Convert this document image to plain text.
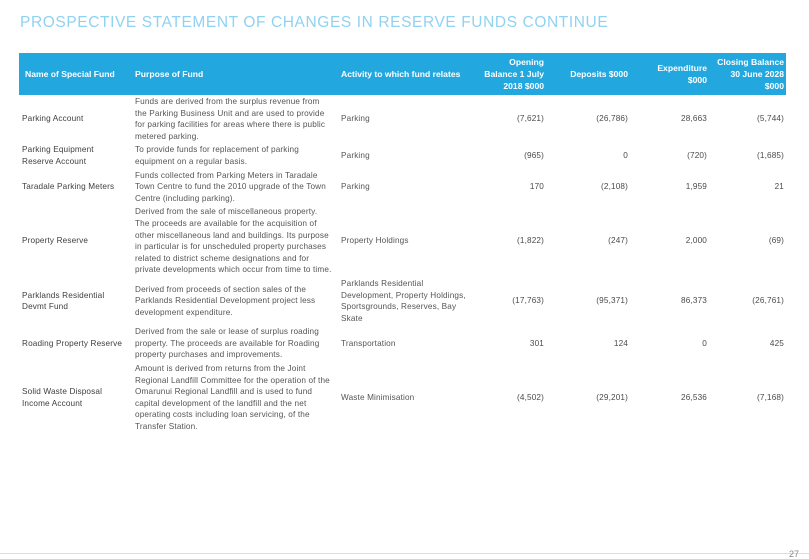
PROSPECTIVE STATEMENT OF CHANGES IN RESERVE FUNDS CONTINUE
Name of Special Fund	Purpose of Fund	Activity to which fund relates	Opening Balance 1 July 2018 $000	Deposits $000	Expenditure $000	Closing Balance 30 June 2028 $000
Parking Account	Funds are derived from the surplus revenue from the Parking Business Unit and are used to provide for parking facilities for areas where there is public metered parking.	Parking	(7,621)	(26,786)	28,663	(5,744)
Parking Equipment Reserve Account	To provide funds for replacement of parking equipment on a regular basis.	Parking	(965)	0	(720)	(1,685)
Taradale Parking Meters	Funds collected from Parking Meters in Taradale Town Centre to fund the 2010 upgrade of the Town Centre (including parking).	Parking	170	(2,108)	1,959	21
Property Reserve	Derived from the sale of miscellaneous property. The proceeds are available for the acquisition of other miscellaneous land and buildings. Its purpose in particular is for unscheduled property purchases related to district scheme designations and for private developments which occur from time to time.	Property Holdings	(1,822)	(247)	2,000	(69)
Parklands Residential Devmt Fund	Derived from proceeds of section sales of the Parklands Residential Development project less development expenditure.	Parklands Residential Development, Property Holdings, Sportsgrounds, Reserves, Bay Skate	(17,763)	(95,371)	86,373	(26,761)
Roading Property Reserve	Derived from the sale or lease of surplus roading property. The proceeds are available for Roading property purchases and improvements.	Transportation	301	124	0	425
Solid Waste Disposal Income Account	Amount is derived from returns from the Joint Regional Landfill Committee for the operation of the Omarunui Regional Landfill and is used to fund capital development of the landfill and the net operating costs including loan servicing, of the Transfer Station.	Waste Minimisation	(4,502)	(29,201)	26,536	(7,168)
27
